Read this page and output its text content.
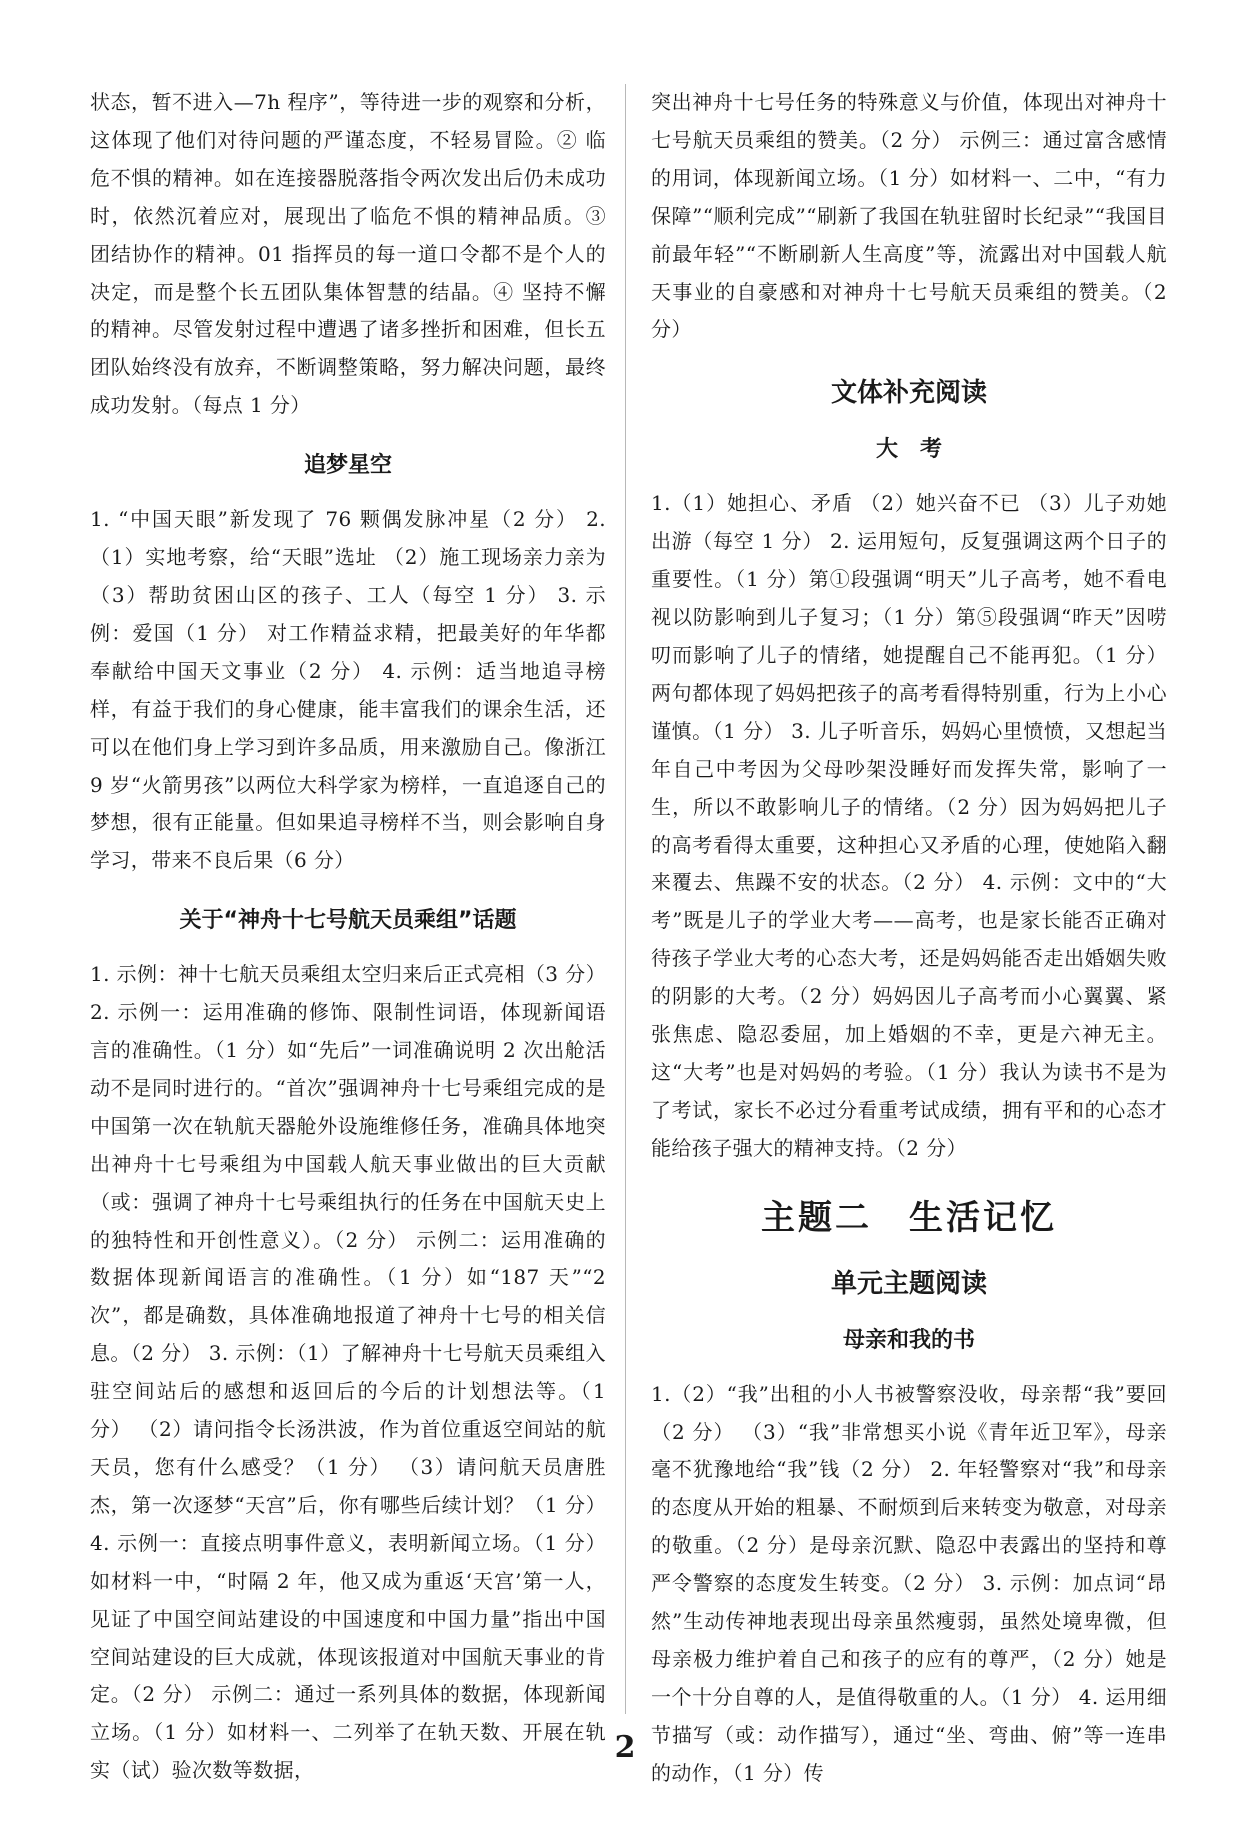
状态，暂不进入—7h 程序”，等待进一步的观察和分析，这体现了他们对待问题的严谨态度，不轻易冒险。② 临危不惧的精神。如在连接器脱落指令两次发出后仍未成功时，依然沉着应对，展现出了临危不惧的精神品质。③ 团结协作的精神。01 指挥员的每一道口令都不是个人的决定，而是整个长五团队集体智慧的结晶。④ 坚持不懈的精神。尽管发射过程中遭遇了诸多挫折和困难，但长五团队始终没有放弃，不断调整策略，努力解决问题，最终成功发射。（每点 1 分）

追梦星空

1. “中国天眼”新发现了 76 颗偶发脉冲星（2 分） 2.（1）实地考察，给“天眼”选址 （2）施工现场亲力亲为 （3）帮助贫困山区的孩子、工人（每空 1 分） 3. 示例：爱国（1 分） 对工作精益求精，把最美好的年华都奉献给中国天文事业（2 分） 4. 示例：适当地追寻榜样，有益于我们的身心健康，能丰富我们的课余生活，还可以在他们身上学习到许多品质，用来激励自己。像浙江 9 岁“火箭男孩”以两位大科学家为榜样，一直追逐自己的梦想，很有正能量。但如果追寻榜样不当，则会影响自身学习，带来不良后果（6 分）

关于“神舟十七号航天员乘组”话题

1. 示例：神十七航天员乘组太空归来后正式亮相（3 分） 2. 示例一：运用准确的修饰、限制性词语，体现新闻语言的准确性。（1 分）如“先后”一词准确说明 2 次出舱活动不是同时进行的。“首次”强调神舟十七号乘组完成的是中国第一次在轨航天器舱外设施维修任务，准确具体地突出神舟十七号乘组为中国载人航天事业做出的巨大贡献（或：强调了神舟十七号乘组执行的任务在中国航天史上的独特性和开创性意义）。（2 分） 示例二：运用准确的数据体现新闻语言的准确性。（1 分）如“187 天”“2 次”，都是确数，具体准确地报道了神舟十七号的相关信息。（2 分） 3. 示例：（1）了解神舟十七号航天员乘组入驻空间站后的感想和返回后的今后的计划想法等。（1 分） （2）请问指令长汤洪波，作为首位重返空间站的航天员，您有什么感受？（1 分） （3）请问航天员唐胜杰，第一次逐梦“天宫”后，你有哪些后续计划？（1 分） 4. 示例一：直接点明事件意义，表明新闻立场。（1 分）如材料一中，“时隔 2 年，他又成为重返‘天宫’第一人，见证了中国空间站建设的中国速度和中国力量”指出中国空间站建设的巨大成就，体现该报道对中国航天事业的肯定。（2 分） 示例二：通过一系列具体的数据，体现新闻立场。（1 分）如材料一、二列举了在轨天数、开展在轨实（试）验次数等数据，

突出神舟十七号任务的特殊意义与价值，体现出对神舟十七号航天员乘组的赞美。（2 分） 示例三：通过富含感情的用词，体现新闻立场。（1 分）如材料一、二中，“有力保障”“顺利完成”“刷新了我国在轨驻留时长纪录”“我国目前最年轻”“不断刷新人生高度”等，流露出对中国载人航天事业的自豪感和对神舟十七号航天员乘组的赞美。（2 分）

文体补充阅读
大　考

1.（1）她担心、矛盾 （2）她兴奋不已 （3）儿子劝她出游（每空 1 分） 2. 运用短句，反复强调这两个日子的重要性。（1 分）第①段强调“明天”儿子高考，她不看电视以防影响到儿子复习；（1 分）第⑤段强调“昨天”因唠叨而影响了儿子的情绪，她提醒自己不能再犯。（1 分）两句都体现了妈妈把孩子的高考看得特别重，行为上小心谨慎。（1 分） 3. 儿子听音乐，妈妈心里愤愤，又想起当年自己中考因为父母吵架没睡好而发挥失常，影响了一生，所以不敢影响儿子的情绪。（2 分）因为妈妈把儿子的高考看得太重要，这种担心又矛盾的心理，使她陷入翻来覆去、焦躁不安的状态。（2 分） 4. 示例：文中的“大考”既是儿子的学业大考——高考，也是家长能否正确对待孩子学业大考的心态大考，还是妈妈能否走出婚姻失败的阴影的大考。（2 分）妈妈因儿子高考而小心翼翼、紧张焦虑、隐忍委屈，加上婚姻的不幸，更是六神无主。这“大考”也是对妈妈的考验。（1 分）我认为读书不是为了考试，家长不必过分看重考试成绩，拥有平和的心态才能给孩子强大的精神支持。（2 分）

主题二　生活记忆
单元主题阅读
母亲和我的书

1.（2）“我”出租的小人书被警察没收，母亲帮“我”要回（2 分） （3）“我”非常想买小说《青年近卫军》，母亲毫不犹豫地给“我”钱（2 分） 2. 年轻警察对“我”和母亲的态度从开始的粗暴、不耐烦到后来转变为敬意，对母亲的敬重。（2 分）是母亲沉默、隐忍中表露出的坚持和尊严令警察的态度发生转变。（2 分） 3. 示例：加点词“昂然”生动传神地表现出母亲虽然瘦弱，虽然处境卑微，但母亲极力维护着自己和孩子的应有的尊严，（2 分）她是一个十分自尊的人，是值得敬重的人。（1 分） 4. 运用细节描写（或：动作描写），通过“坐、弯曲、俯”等一连串的动作，（1 分）传

2
